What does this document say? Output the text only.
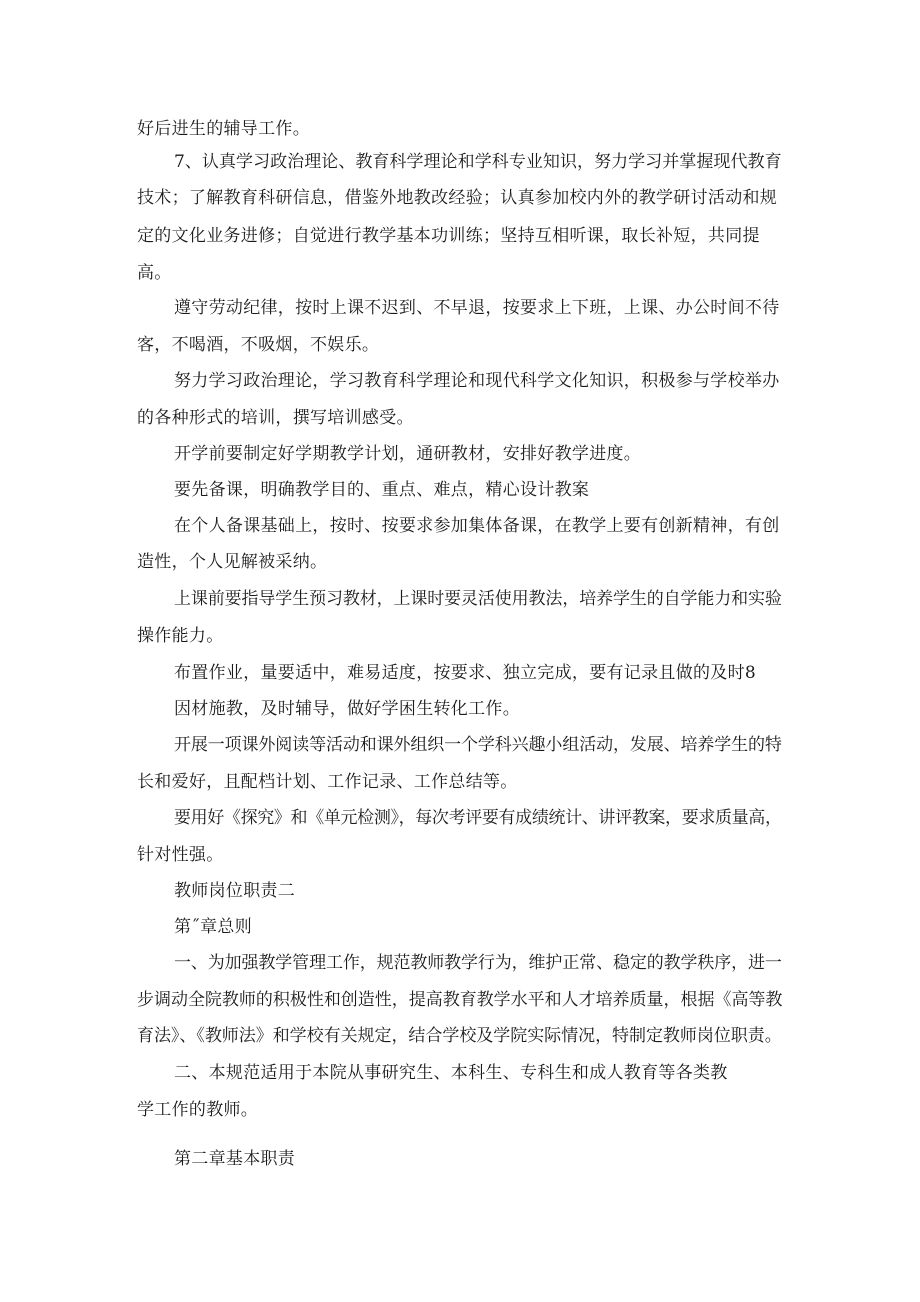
好后进生的辅导工作。
7、认真学习政治理论、教育科学理论和学科专业知识，努力学习并掌握现代教育
技术；了解教育科研信息，借鉴外地教改经验；认真参加校内外的教学研讨活动和规
定的文化业务进修；自觉进行教学基本功训练；坚持互相听课，取长补短，共同提
高。
遵守劳动纪律，按时上课不迟到、不早退，按要求上下班，上课、办公时间不待
客，不喝酒，不吸烟，不娱乐。
努力学习政治理论，学习教育科学理论和现代科学文化知识，积极参与学校举办
的各种形式的培训，撰写培训感受。
开学前要制定好学期教学计划，通研教材，安排好教学进度。
要先备课，明确教学目的、重点、难点，精心设计教案
在个人备课基础上，按时、按要求参加集体备课，在教学上要有创新精神，有创
造性，个人见解被采纳。
上课前要指导学生预习教材，上课时要灵活使用教法，培养学生的自学能力和实验
操作能力。
布置作业，量要适中，难易适度，按要求、独立完成，要有记录且做的及时8
因材施教，及时辅导，做好学困生转化工作。
开展一项课外阅读等活动和课外组织一个学科兴趣小组活动，发展、培养学生的特
长和爱好，且配档计划、工作记录、工作总结等。
要用好《探究》和《单元检测》，每次考评要有成绩统计、讲评教案，要求质量高，
针对性强。
教师岗位职责二
第˝章总则
一、为加强教学管理工作，规范教师教学行为，维护正常、稳定的教学秩序，进一
步调动全院教师的积极性和创造性，提高教育教学水平和人才培养质量，根据《高等教
育法》、《教师法》和学校有关规定，结合学校及学院实际情况，特制定教师岗位职责。
二、本规范适用于本院从事研究生、本科生、专科生和成人教育等各类教
学工作的教师。
第二章基本职责
